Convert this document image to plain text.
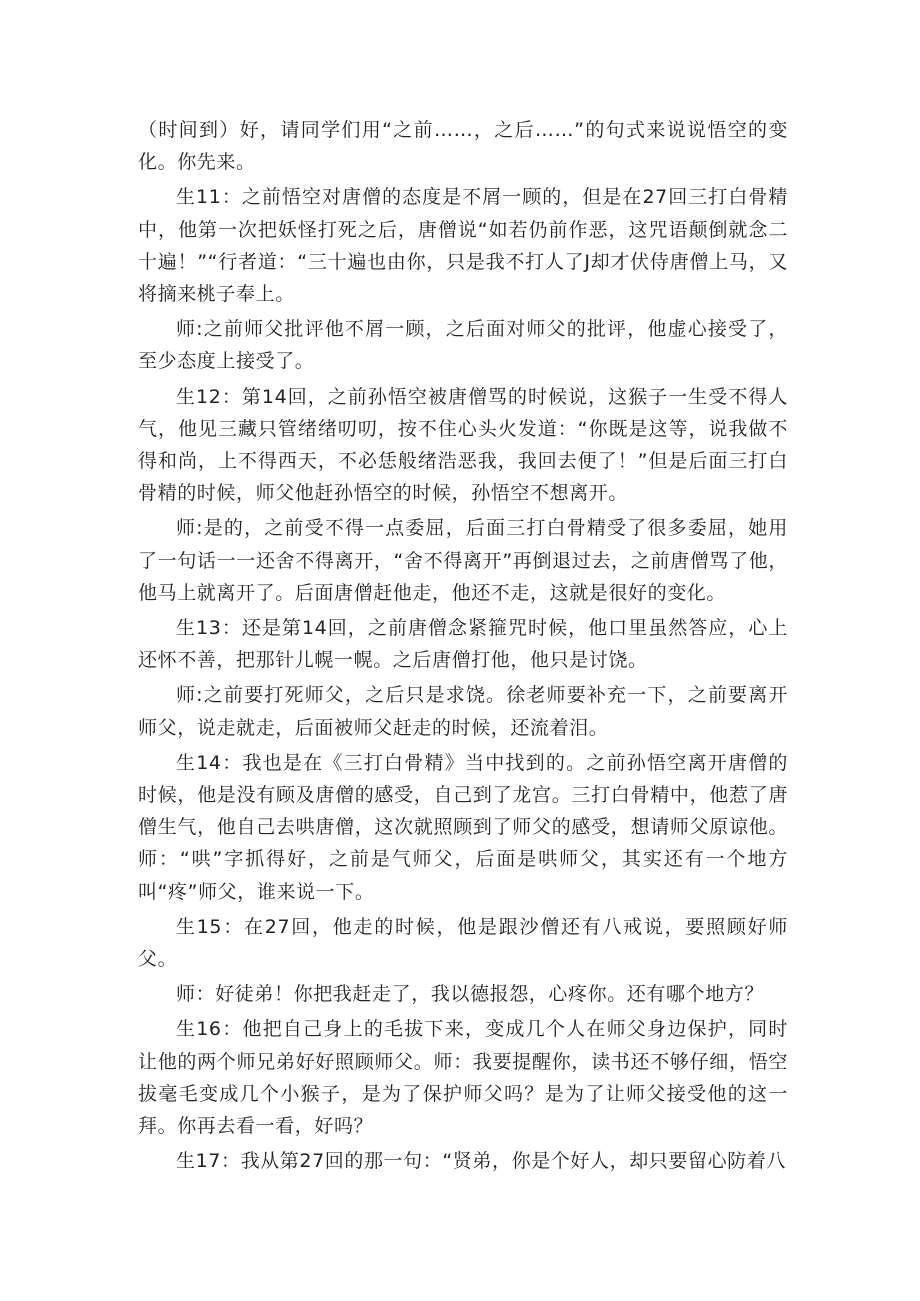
（时间到）好，请同学们用“之前……，之后……”的句式来说说悟空的变化。你先来。

生11：之前悟空对唐僧的态度是不屑一顾的，但是在27回三打白骨精中，他第一次把妖怪打死之后，唐僧说“如若仍前作恶，这咒语颠倒就念二十遍！”“行者道：“三十遍也由你，只是我不打人了J却才伏侍唐僧上马，又将摘来桃子奉上。

师:之前师父批评他不屑一顾，之后面对师父的批评，他虚心接受了，至少态度上接受了。

生12：第14回，之前孙悟空被唐僧骂的时候说，这猴子一生受不得人气，他见三藏只管绪绪叨叨，按不住心头火发道：“你既是这等，说我做不得和尚，上不得西天，不必恁般绪浩恶我，我回去便了！”但是后面三打白骨精的时候，师父他赶孙悟空的时候，孙悟空不想离开。

师:是的，之前受不得一点委屈，后面三打白骨精受了很多委屈，她用了一句话一一还舍不得离开，“舍不得离开”再倒退过去，之前唐僧骂了他，他马上就离开了。后面唐僧赶他走，他还不走，这就是很好的变化。

生13：还是第14回，之前唐僧念紧箍咒时候，他口里虽然答应，心上还怀不善，把那针儿幌一幌。之后唐僧打他，他只是讨饶。

师:之前要打死师父，之后只是求饶。徐老师要补充一下，之前要离开师父，说走就走，后面被师父赶走的时候，还流着泪。

生14：我也是在《三打白骨精》当中找到的。之前孙悟空离开唐僧的时候，他是没有顾及唐僧的感受，自己到了龙宫。三打白骨精中，他惹了唐僧生气，他自己去哄唐僧，这次就照顾到了师父的感受，想请师父原谅他。师：“哄”字抓得好，之前是气师父，后面是哄师父，其实还有一个地方叫“疼”师父，谁来说一下。

生15：在27回，他走的时候，他是跟沙僧还有八戒说，要照顾好师父。

师：好徒弟！你把我赶走了，我以德报怨，心疼你。还有哪个地方？

生16：他把自己身上的毛拔下来，变成几个人在师父身边保护，同时让他的两个师兄弟好好照顾师父。师：我要提醒你，读书还不够仔细，悟空拔毫毛变成几个小猴子，是为了保护师父吗？是为了让师父接受他的这一拜。你再去看一看，好吗？

生17：我从第27回的那一句：“贤弟，你是个好人，却只要留心防着八
